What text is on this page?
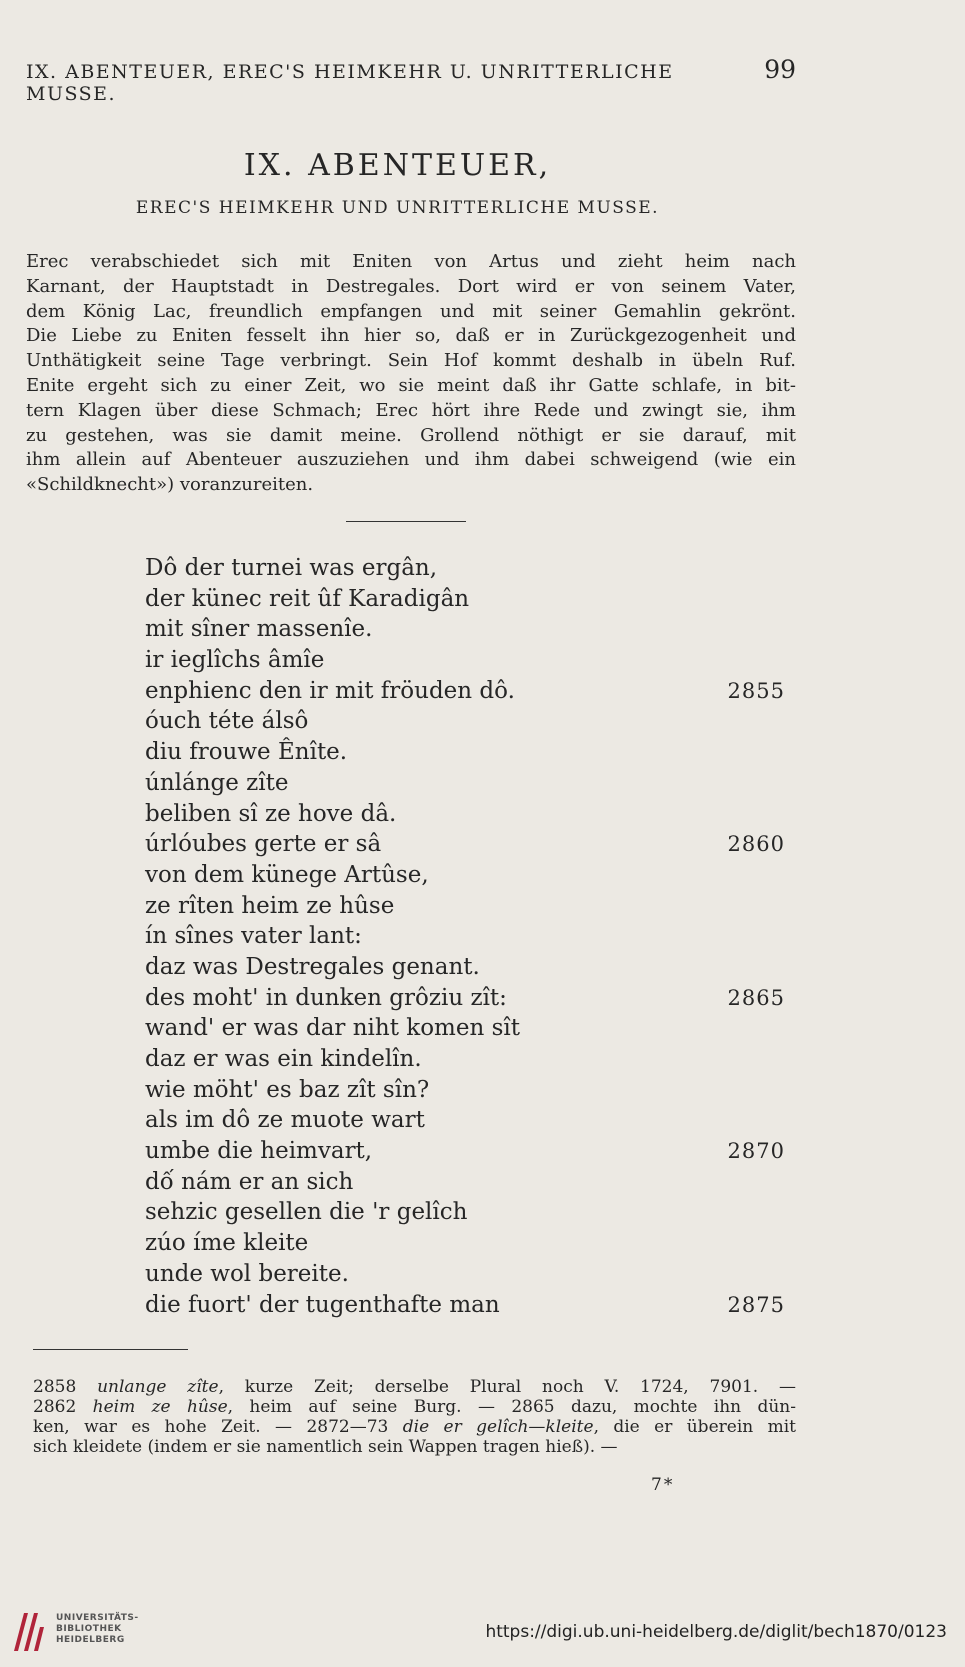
IX. ABENTEUER, EREC'S HEIMKEHR U. UNRITTERLICHE MUSSE.
99
IX. ABENTEUER,
EREC'S HEIMKEHR UND UNRITTERLICHE MUSSE.
Erec verabschiedet sich mit Eniten von Artus und zieht heim nach
Karnant, der Hauptstadt in Destregales. Dort wird er von seinem Vater,
dem König Lac, freundlich empfangen und mit seiner Gemahlin gekrönt.
Die Liebe zu Eniten fesselt ihn hier so, daß er in Zurückgezogenheit und
Unthätigkeit seine Tage verbringt. Sein Hof kommt deshalb in übeln Ruf.
Enite ergeht sich zu einer Zeit, wo sie meint daß ihr Gatte schlafe, in bit-
tern Klagen über diese Schmach; Erec hört ihre Rede und zwingt sie, ihm
zu gestehen, was sie damit meine. Grollend nöthigt er sie darauf, mit
ihm allein auf Abenteuer auszuziehen und ihm dabei schweigend (wie ein
«Schildknecht») voranzureiten.
Dô der turnei was ergân,
der künec reit ûf Karadigân
mit sîner massenîe.
ir ieglîchs âmîe
enphienc den ir mit fröuden dô.	2855
óuch téte álsô
diu frouwe Ênîte.
únlánge zîte
beliben sî ze hove dâ.
úrlóubes gerte er sâ	2860
von dem künege Artûse,
ze rîten heim ze hûse
ín sînes vater lant:
daz was Destregales genant.
des moht' in dunken grôziu zît:	2865
wand' er was dar niht komen sît
daz er was ein kindelîn.
wie möht' es baz zît sîn?
als im dô ze muote wart
umbe die heimvart,	2870
dố nám er an sich
sehzic gesellen die 'r gelîch
zúo íme kleite
unde wol bereite.
die fuort' der tugenthafte man	2875
2858 unlange zîte, kurze Zeit; derselbe Plural noch V. 1724, 7901. —
2862 heim ze hûse, heim auf seine Burg. — 2865 dazu, mochte ihn dün-
ken, war es hohe Zeit. — 2872—73 die er gelîch—kleite, die er überein mit
sich kleidete (indem er sie namentlich sein Wappen tragen hieß). —
7*
UNIVERSITÄTS-
BIBLIOTHEK
HEIDELBERG	https://digi.ub.uni-heidelberg.de/diglit/bech1870/0123
